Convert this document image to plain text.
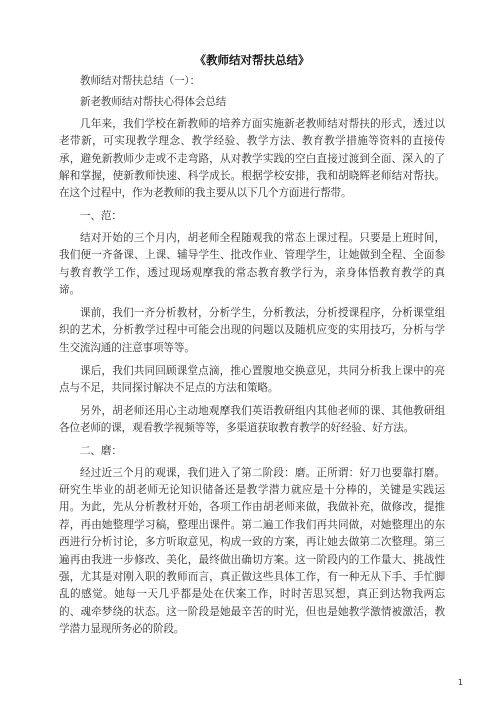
《教师结对帮扶总结》

教师结对帮扶总结（一）：

新老教师结对帮扶心得体会总结

几年来，我们学校在新教师的培养方面实施新老教师结对帮扶的形式，透过以老带新，可实现教学理念、教学经验、教学方法、教育教学措施等资料的直接传承，避免新教师少走或不走弯路，从对教学实践的空白直接过渡到全面、深入的了解和掌握，使新教师快速、科学成长。根据学校安排，我和胡晓辉老师结对帮扶。在这个过程中，作为老教师的我主要从以下几个方面进行帮带。

一、范：

结对开始的三个月内，胡老师全程随观我的常态上课过程。只要是上班时间，我们便一齐备课、上课、辅导学生、批改作业、管理学生，让她做到全程、全面参与教育教学工作，透过现场观摩我的常态教育教学行为，亲身体悟教育教学的真谛。

课前，我们一齐分析教材，分析学生，分析教法，分析授课程序，分析课堂组织的艺术，分析教学过程中可能会出现的问题以及随机应变的实用技巧，分析与学生交流沟通的注意事项等等。

课后，我们共同回顾课堂点滴，推心置腹地交换意见，共同分析我上课中的亮点与不足，共同探讨解决不足点的方法和策略。

另外，胡老师还用心主动地观摩我们英语教研组内其他老师的课、其他教研组各位老师的课，观看教学视频等等，多渠道获取教育教学的好经验、好方法。

二、磨：

经过近三个月的观课，我们进入了第二阶段：磨。正所谓：好刀也要靠打磨。研究生毕业的胡老师无论知识储备还是教学潜力就应是十分棒的，关键是实践运用。为此，先从分析教材开始，各项工作由胡老师来做，我做补充，做修改，提推荐，再由她整理学习稿，整理出课件。第二遍工作我们再共同做，对她整理出的东西进行分析讨论，多方听取意见，构成一致的方案，再让她去做第二次整理。第三遍再由我进一步修改、美化，最终做出确切方案。这一阶段内的工作量大、挑战性强，尤其是对刚入职的教师而言，真正做这些具体工作，有一种无从下手、手忙脚乱的感觉。她每一天几乎都是处在伏案工作，时时苦思冥想，真正到达物我两忘的、魂牵梦绕的状态。这一阶段是她最辛苦的时光，但也是她教学激情被激活，教学潜力显现所务必的阶段。

1
